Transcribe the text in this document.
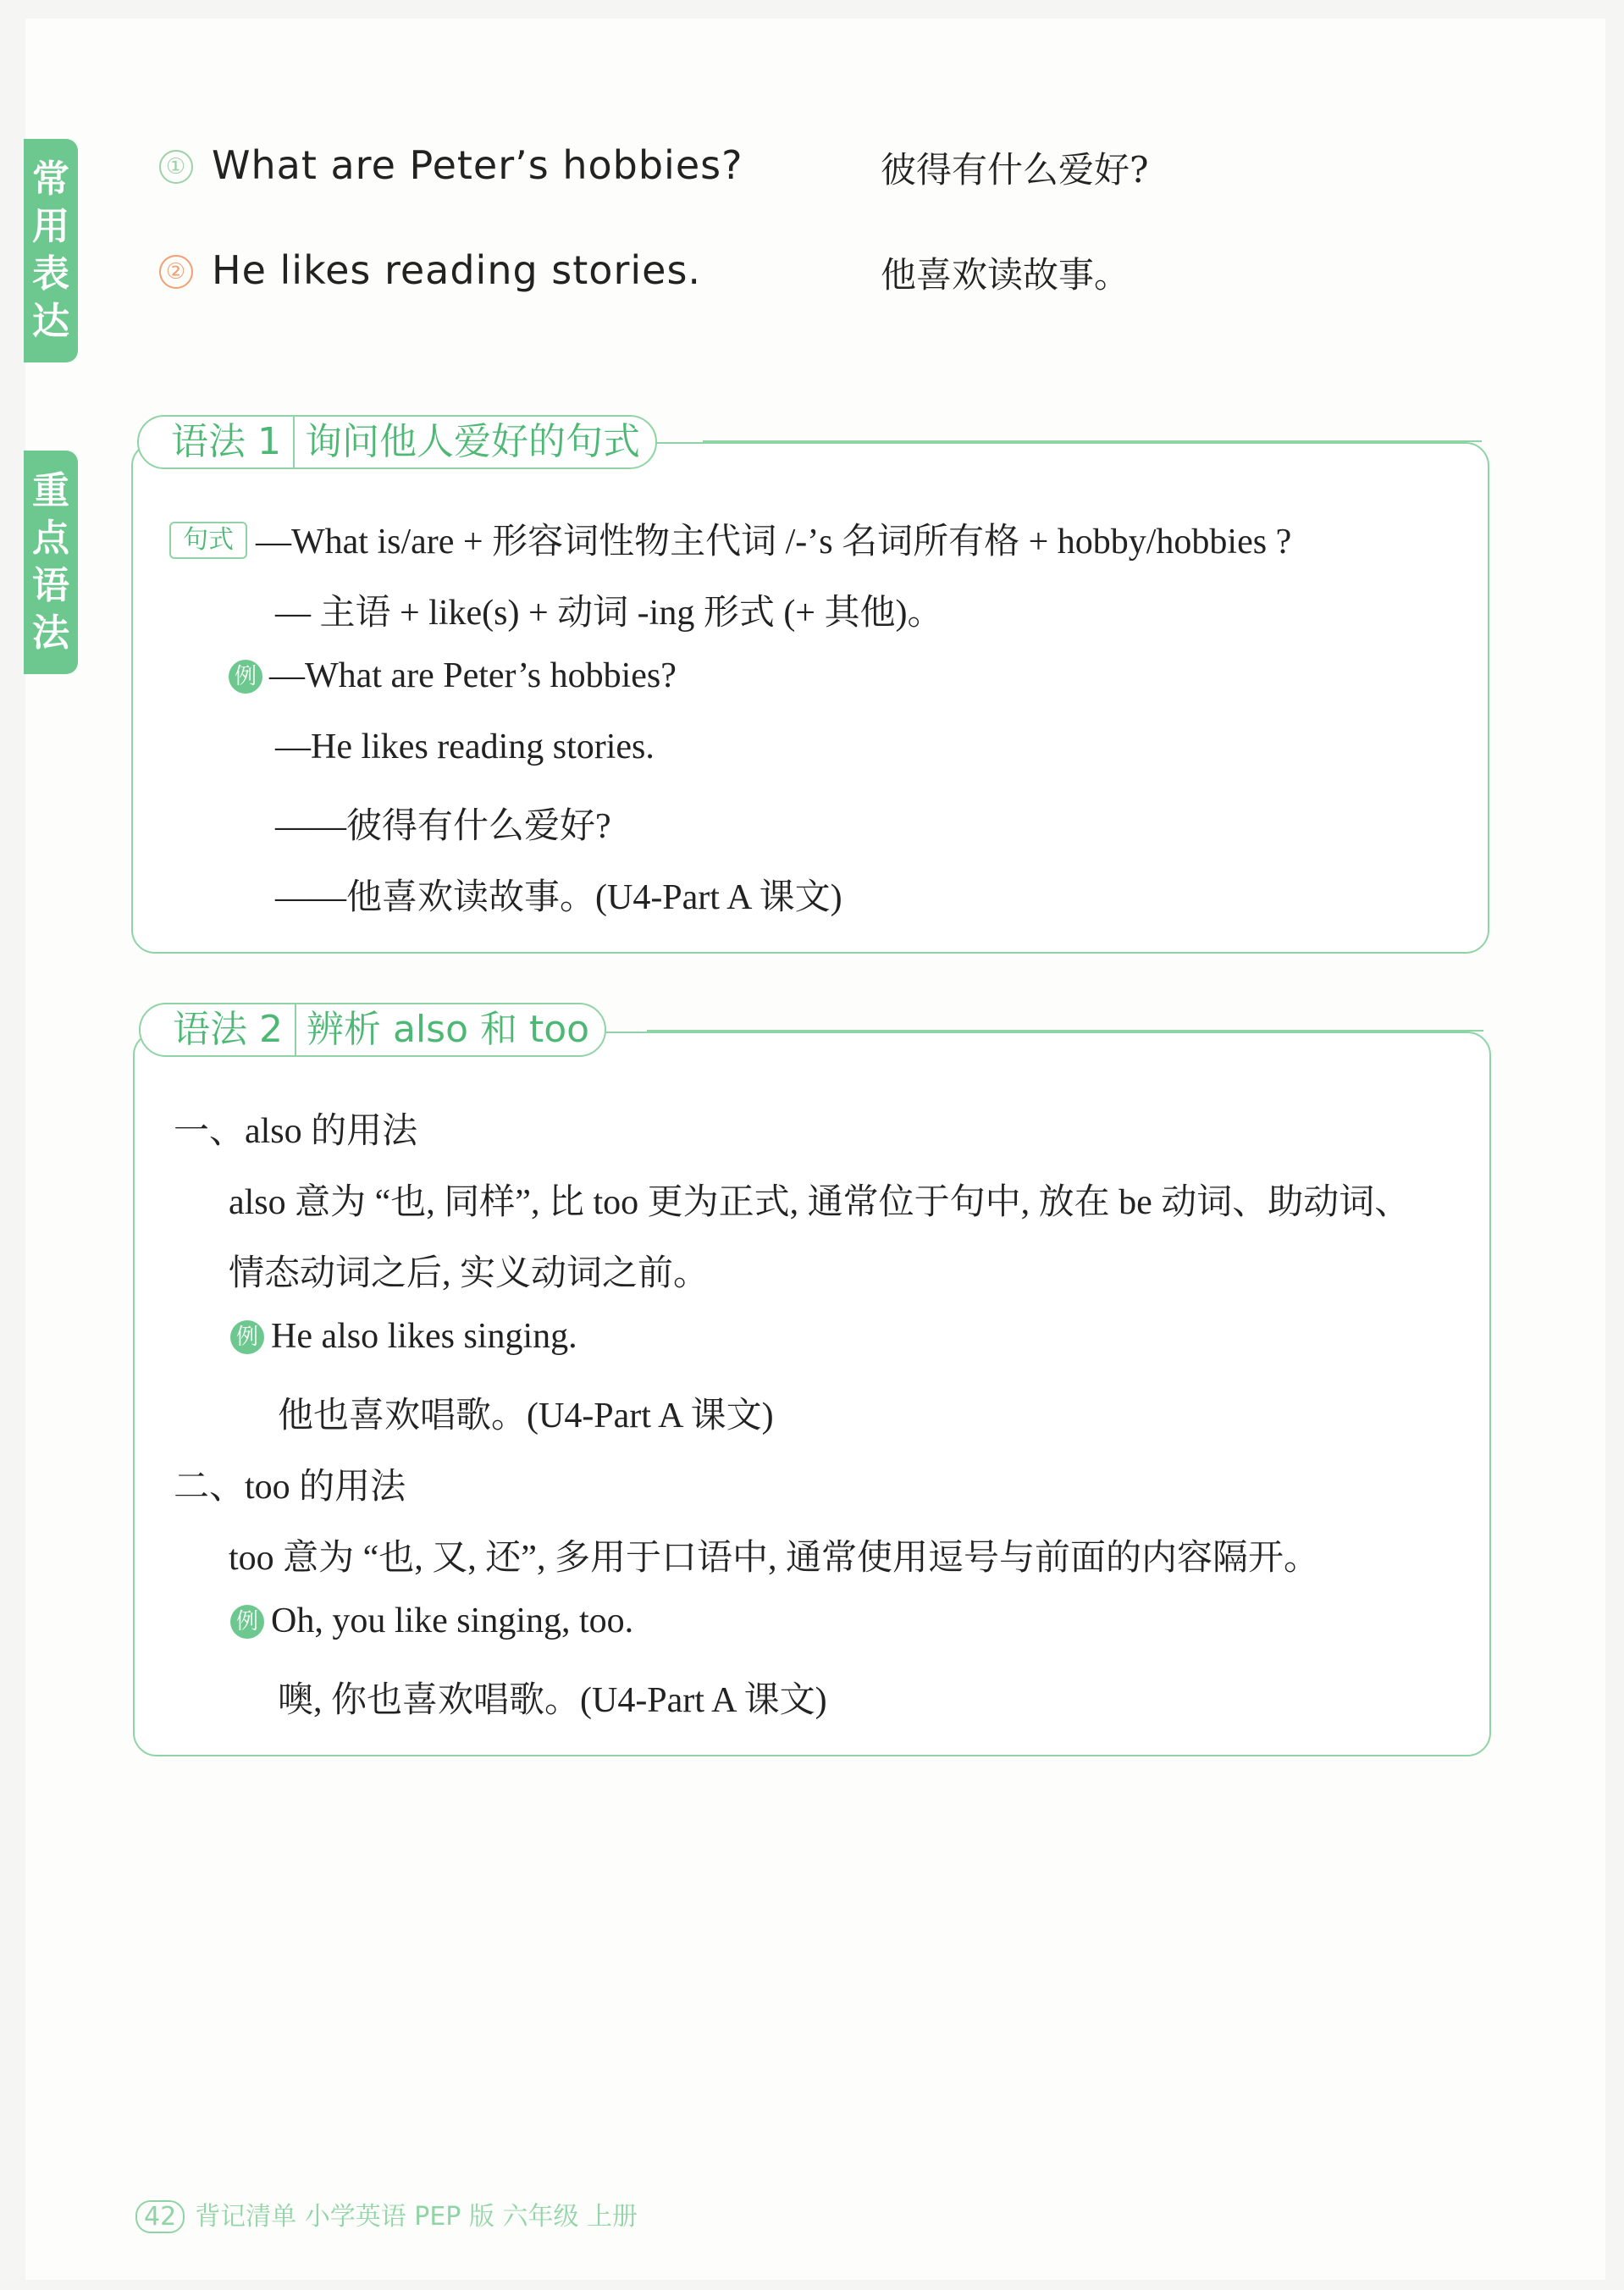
常用表达
重点语法
① What are Peter’s hobbies?	彼得有什么爱好?
② He likes reading stories.	他喜欢读故事。
语法 1 询问他人爱好的句式
句式 —What is/are + 形容词性物主代词 /-’s 名词所有格 + hobby/hobbies ?
— 主语 + like(s) + 动词 -ing 形式 (+ 其他)。
例 —What are Peter’s hobbies?
—He likes reading stories.
——彼得有什么爱好?
——他喜欢读故事。(U4-Part A 课文)
语法 2 辨析 also 和 too
一、also 的用法
also 意为 “也, 同样”, 比 too 更为正式, 通常位于句中, 放在 be 动词、助动词、
情态动词之后, 实义动词之前。
例 He also likes singing.
他也喜欢唱歌。(U4-Part A 课文)
二、too 的用法
too 意为 “也, 又, 还”, 多用于口语中, 通常使用逗号与前面的内容隔开。
例 Oh, you like singing, too.
噢, 你也喜欢唱歌。(U4-Part A 课文)
42 背记清单 小学英语 PEP 版 六年级 上册
